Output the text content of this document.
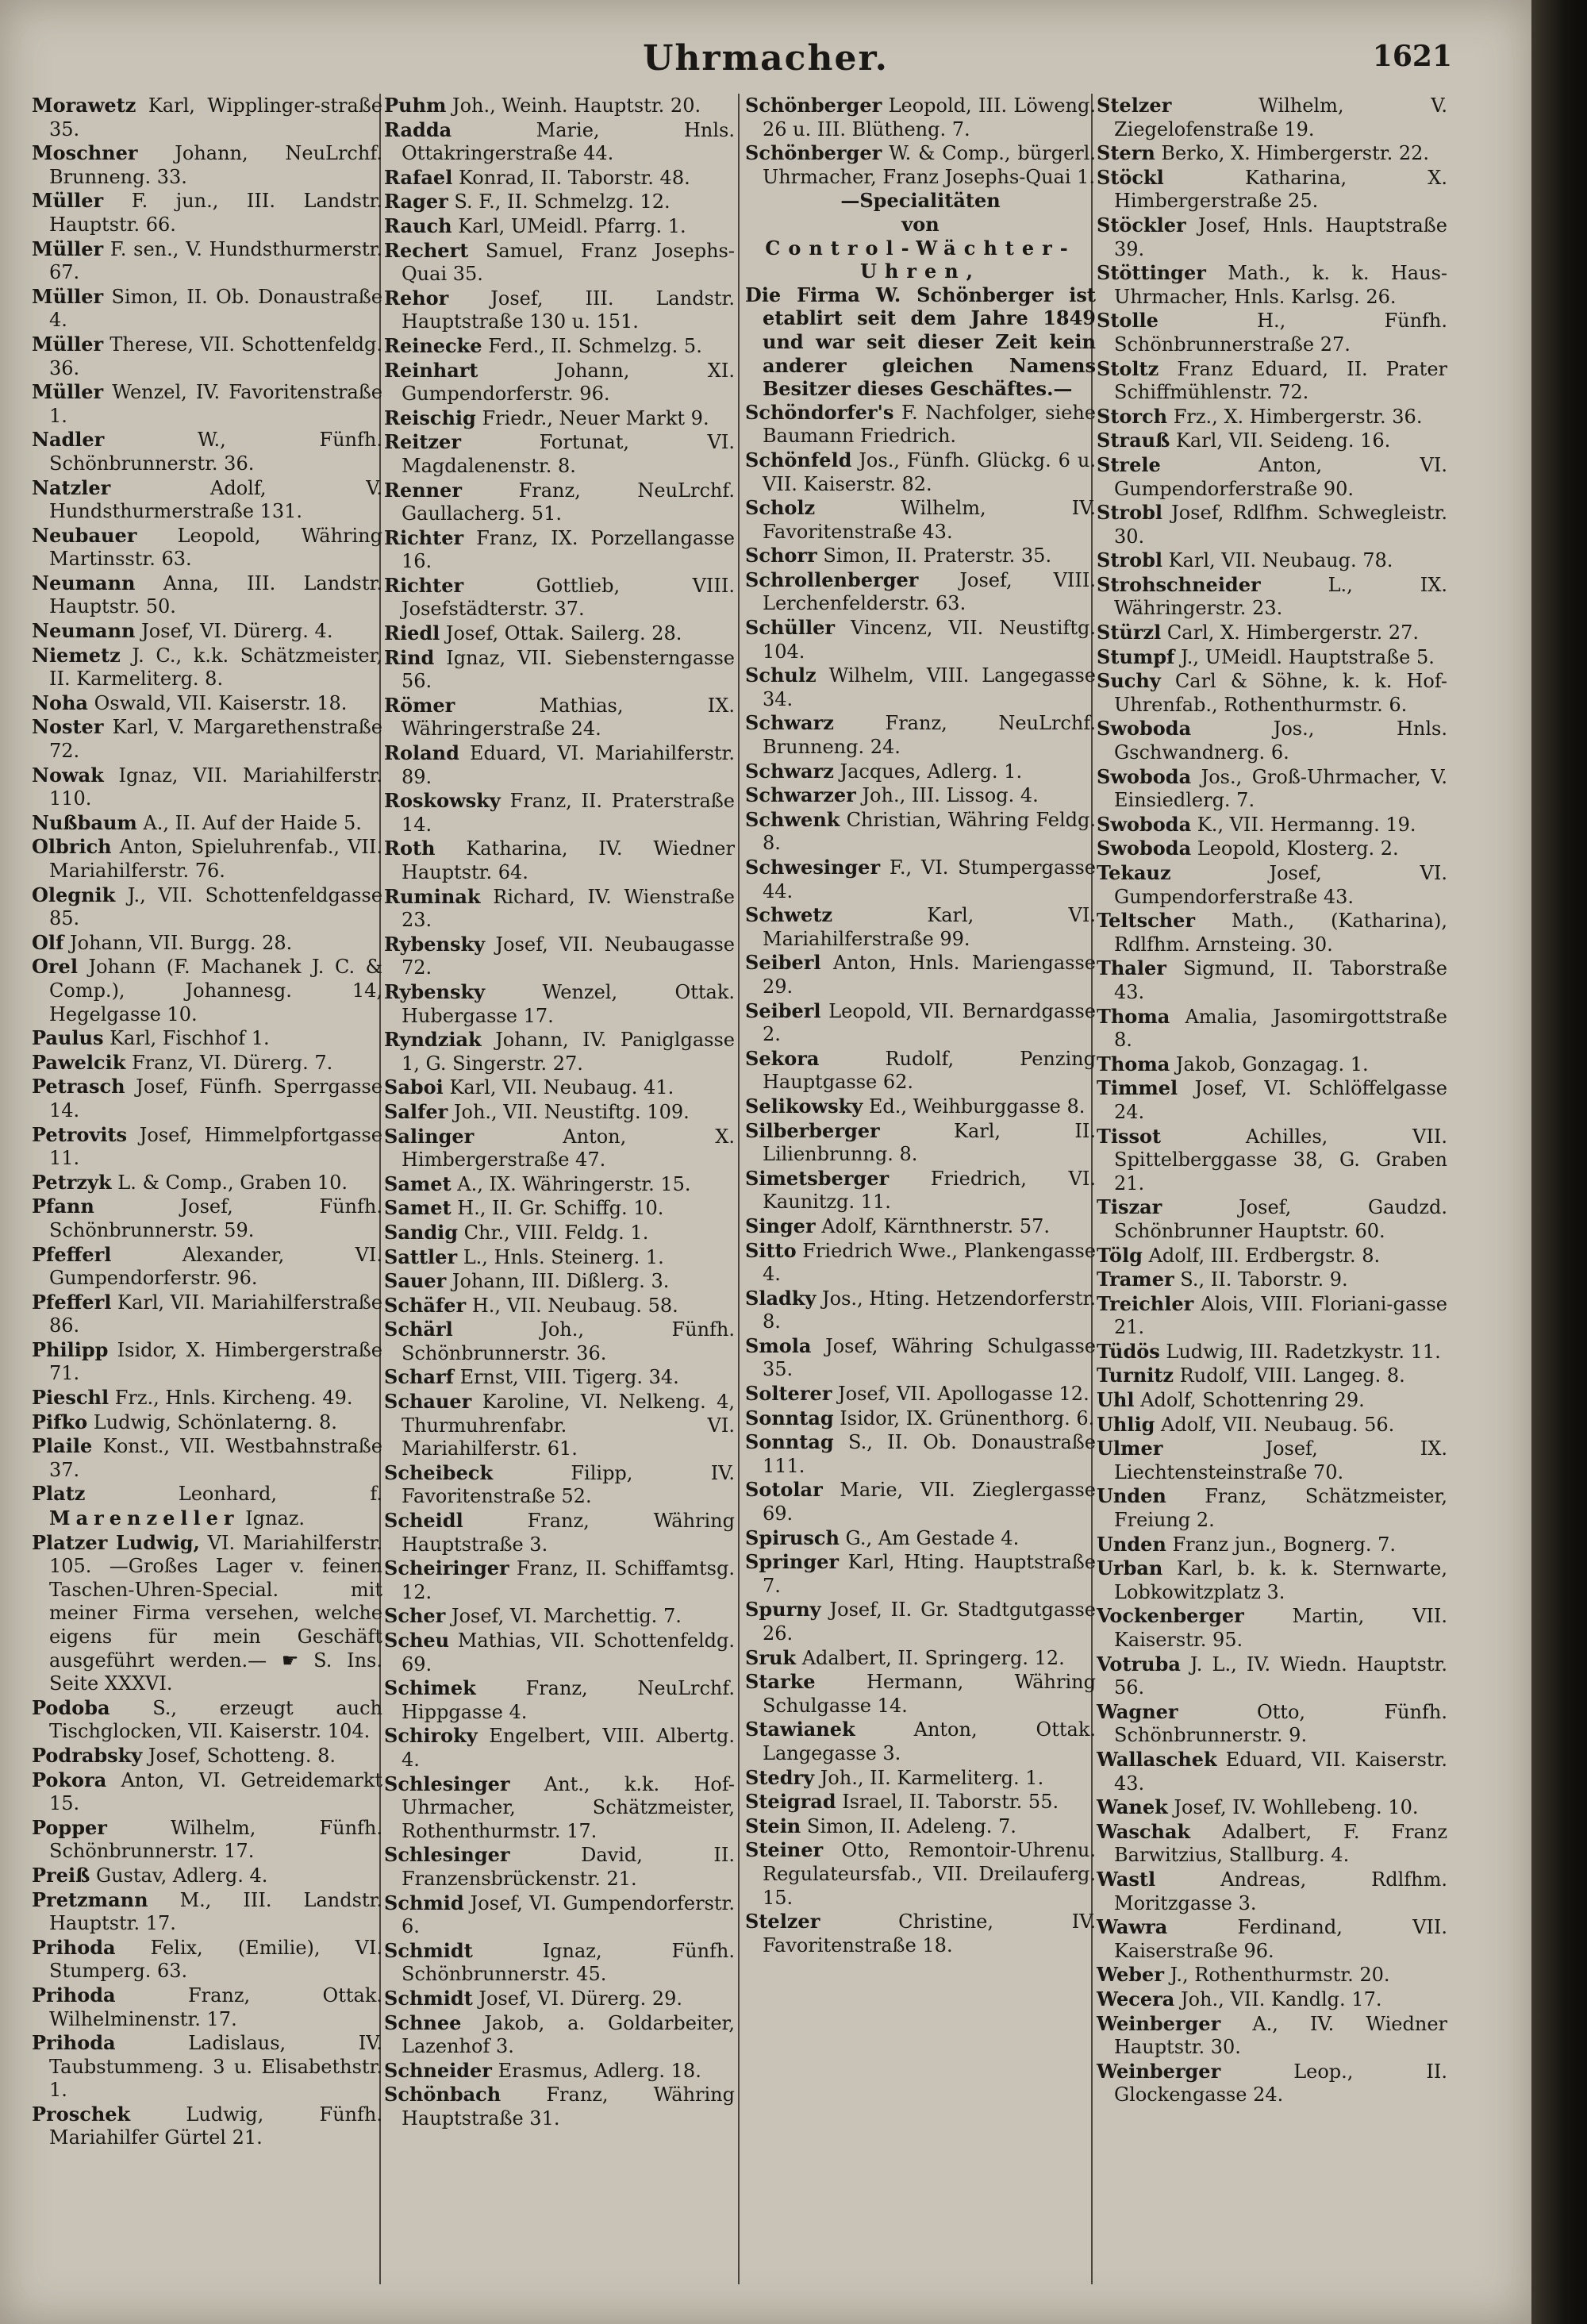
Uhrmacher.	1621
Morawetz Karl, Wipplinger-straße 35.
Moschner Johann, NeuLrchf. Brunneng. 33.
Müller F. jun., III. Landstr. Hauptstr. 66.
Müller F. sen., V. Hundsthurmerstr. 67.
Müller Simon, II. Ob. Donaustraße 4.
Müller Therese, VII. Schottenfeldg. 36.
Müller Wenzel, IV. Favoritenstraße 1.
Nadler	W., Fünfh. Schönbrunnerstr. 36.
Natzler	Adolf, V. Hundsthurmerstraße 131.
Neubauer Leopold, Währing Martinsstr. 63.
Neumann Anna, III. Landstr. Hauptstr. 50.
Neumann Josef, VI. Dürerg. 4.
Niemetz J. C., k.k. Schätzmeister, II. Karmeliterg. 8.
Noha Oswald, VII. Kaiserstr. 18.
Noster Karl, V. Margarethenstraße 72.
Nowak Ignaz, VII. Mariahilferstr. 110.
Nußbaum A., II. Auf der Haide 5.
Olbrich Anton, Spieluhrenfab., VII. Mariahilferstr. 76.
Olegnik J., VII. Schottenfeldgasse 85.
Olf Johann, VII. Burgg. 28.
Orel Johann (F. Machanek J. C. & Comp.), Johannesg. 14, Hegelgasse 10.
Paulus Karl, Fischhof 1.
Pawelcik Franz, VI. Dürerg. 7.
Petrasch Josef, Fünfh. Sperrgasse 14.
Petrovits Josef, Himmelpfortgasse 11.
Petrzyk L. & Comp., Graben 10.
Pfann	Josef, Fünfh. Schönbrunnerstr. 59.
Pfefferl	Alexander, VI. Gumpendorferstr. 96.
Pfefferl Karl, VII. Mariahilferstraße 86.
Philipp Isidor, X. Himbergerstraße 71.
Pieschl Frz., Hnls. Kircheng. 49.
Pifko Ludwig, Schönlaterng. 8.
Plaile Konst., VII. Westbahnstraße 37.
Platz	Leonhard, f. Marenzeller Ignaz.
Platzer Ludwig, VI. Mariahilferstr. 105. —Großes Lager v. feinen Taschen-Uhren-Special. mit meiner Firma versehen, welche eigens für mein Geschäft ausgeführt werden.— ☛ S. Ins. Seite XXXVI.
Podoba S., erzeugt auch Tischglocken, VII. Kaiserstr. 104.
Podrabsky Josef, Schotteng. 8.
Pokora Anton, VI. Getreidemarkt 15.
Popper	Wilhelm, Fünfh. Schönbrunnerstr. 17.
Preiß Gustav, Adlerg. 4.
Pretzmann M., III. Landstr. Hauptstr. 17.
Prihoda Felix, (Emilie), VI. Stumperg. 63.
Prihoda	Franz, Ottak. Wilhelminenstr. 17.
Prihoda	Ladislaus, IV. Taubstummeng. 3 u. Elisabethstr. 1.
Proschek	Ludwig, Fünfh. Mariahilfer Gürtel 21.
Puhm Joh., Weinh. Hauptstr. 20.
Radda	Marie, Hnls. Ottakringerstraße 44.
Rafael Konrad, II. Taborstr. 48.
Rager S. F., II. Schmelzg. 12.
Rauch Karl, UMeidl. Pfarrg. 1.
Rechert Samuel, Franz Josephs-Quai 35.
Rehor Josef, III. Landstr. Hauptstraße 130 u. 151.
Reinecke Ferd., II. Schmelzg. 5.
Reinhart	Johann, XI. Gumpendorferstr. 96.
Reischig Friedr., Neuer Markt 9.
Reitzer	Fortunat, VI. Magdalenenstr. 8.
Renner	Franz, NeuLrchf. Gaullacherg. 51.
Richter Franz, IX. Porzellangasse 16.
Richter	Gottlieb, VIII. Josefstädterstr. 37.
Riedl Josef, Ottak. Sailerg. 28.
Rind Ignaz, VII. Siebensterngasse 56.
Römer	Mathias, IX. Währingerstraße 24.
Roland Eduard, VI. Mariahilferstr. 89.
Roskowsky Franz, II. Praterstraße 14.
Roth Katharina, IV. Wiedner Hauptstr. 64.
Ruminak Richard, IV. Wienstraße 23.
Rybensky Josef, VII. Neubaugasse 72.
Rybensky	Wenzel, Ottak. Hubergasse 17.
Ryndziak Johann, IV. Paniglgasse 1, G. Singerstr. 27.
Saboi Karl, VII. Neubaug. 41.
Salfer Joh., VII. Neustiftg. 109.
Salinger	Anton, X. Himbergerstraße 47.
Samet A., IX. Währingerstr. 15.
Samet H., II. Gr. Schiffg. 10.
Sandig Chr., VIII. Feldg. 1.
Sattler L., Hnls. Steinerg. 1.
Sauer Johann, III. Dißlerg. 3.
Schäfer H., VII. Neubaug. 58.
Schärl	Joh., Fünfh. Schönbrunnerstr. 36.
Scharf Ernst, VIII. Tigerg. 34.
Schauer Karoline, VI. Nelkeng. 4, Thurmuhrenfabr. VI. Mariahilferstr. 61.
Scheibeck	Filipp, IV. Favoritenstraße 52.
Scheidl	Franz, Währing Hauptstraße 3.
Scheiringer Franz, II. Schiffamtsg. 12.
Scher Josef, VI. Marchettig. 7.
Scheu Mathias, VII. Schottenfeldg. 69.
Schimek	Franz, NeuLrchf. Hippgasse 4.
Schiroky Engelbert, VIII. Albertg. 4.
Schlesinger Ant., k.k. Hof-Uhrmacher, Schätzmeister, Rothenthurmstr. 17.
Schlesinger	David, II. Franzensbrückenstr. 21.
Schmid Josef, VI. Gumpendorferstr. 6.
Schmidt	Ignaz, Fünfh. Schönbrunnerstr. 45.
Schmidt Josef, VI. Dürerg. 29.
Schnee Jakob, a. Goldarbeiter, Lazenhof 3.
Schneider Erasmus, Adlerg. 18.
Schönbach Franz, Währing Hauptstraße 31.
Schönberger Leopold, III. Löweng. 26 u. III. Blütheng. 7.
Schönberger W. & Comp., bürgerl. Uhrmacher, Franz Josephs-Quai 1.
—Specialitäten
von
Control-Wächter-
Uhren,
Die Firma W. Schönberger ist etablirt seit dem Jahre 1849 und war seit dieser Zeit kein anderer gleichen Namens Besitzer dieses Geschäftes.—
Schöndorfer's F. Nachfolger, siehe Baumann Friedrich.
Schönfeld Jos., Fünfh. Glückg. 6 u. VII. Kaiserstr. 82.
Scholz	Wilhelm, IV. Favoritenstraße 43.
Schorr Simon, II. Praterstr. 35.
Schrollenberger Josef, VIII. Lerchenfelderstr. 63.
Schüller Vincenz, VII. Neustiftg. 104.
Schulz Wilhelm, VIII. Langegasse 34.
Schwarz	Franz, NeuLrchf. Brunneng. 24.
Schwarz Jacques, Adlerg. 1.
Schwarzer Joh., III. Lissog. 4.
Schwenk Christian, Währing Feldg. 8.
Schwesinger F., VI. Stumpergasse 44.
Schwetz	Karl, VI. Mariahilferstraße 99.
Seiberl Anton, Hnls. Mariengasse 29.
Seiberl Leopold, VII. Bernardgasse 2.
Sekora	Rudolf, Penzing Hauptgasse 62.
Selikowsky Ed., Weihburggasse 8.
Silberberger	Karl, II. Lilienbrunng. 8.
Simetsberger Friedrich, VI. Kaunitzg. 11.
Singer Adolf, Kärnthnerstr. 57.
Sitto Friedrich Wwe., Plankengasse 4.
Sladky Jos., Hting. Hetzendorferstr. 8.
Smola Josef, Währing Schulgasse 35.
Solterer Josef, VII. Apollogasse 12.
Sonntag Isidor, IX. Grünenthorg. 6.
Sonntag S., II. Ob. Donaustraße 111.
Sotolar Marie, VII. Zieglergasse 69.
Spirusch G., Am Gestade 4.
Springer Karl, Hting. Hauptstraße 7.
Spurny Josef, II. Gr. Stadtgutgasse 26.
Sruk Adalbert, II. Springerg. 12.
Starke	Hermann, Währing Schulgasse 14.
Stawianek	Anton, Ottak. Langegasse 3.
Stedry Joh., II. Karmeliterg. 1.
Steigrad Israel, II. Taborstr. 55.
Stein Simon, II. Adeleng. 7.
Steiner Otto, Remontoir-Uhrenu. Regulateursfab., VII. Dreilauferg. 15.
Stelzer	Christine, IV. Favoritenstraße 18.
Stelzer	Wilhelm, V. Ziegelofenstraße 19.
Stern Berko, X. Himbergerstr. 22.
Stöckl	Katharina, X. Himbergerstraße 25.
Stöckler Josef, Hnls. Hauptstraße 39.
Stöttinger Math., k. k. Haus-Uhrmacher, Hnls. Karlsg. 26.
Stolle	H., Fünfh. Schönbrunnerstraße 27.
Stoltz Franz Eduard, II. Prater Schiffmühlenstr. 72.
Storch Frz., X. Himbergerstr. 36.
Strauß Karl, VII. Seideng. 16.
Strele	Anton, VI. Gumpendorferstraße 90.
Strobl Josef, Rdlfhm. Schwegleistr. 30.
Strobl Karl, VII. Neubaug. 78.
Strohschneider	L., IX. Währingerstr. 23.
Stürzl Carl, X. Himbergerstr. 27.
Stumpf J., UMeidl. Hauptstraße 5.
Suchy Carl & Söhne, k. k. Hof-Uhrenfab., Rothenthurmstr. 6.
Swoboda	Jos., Hnls. Gschwandnerg. 6.
Swoboda Jos., Groß-Uhrmacher, V. Einsiedlerg. 7.
Swoboda K., VII. Hermanng. 19.
Swoboda Leopold, Klosterg. 2.
Tekauz	Josef, VI. Gumpendorferstraße 43.
Teltscher Math., (Katharina), Rdlfhm. Arnsteing. 30.
Thaler Sigmund, II. Taborstraße 43.
Thoma Amalia, Jasomirgottstraße 8.
Thoma Jakob, Gonzagag. 1.
Timmel Josef, VI. Schlöffelgasse 24.
Tissot	Achilles, VII. Spittelberggasse 38, G. Graben 21.
Tiszar	Josef, Gaudzd. Schönbrunner Hauptstr. 60.
Tölg Adolf, III. Erdbergstr. 8.
Tramer S., II. Taborstr. 9.
Treichler Alois, VIII. Floriani-gasse 21.
Tüdös Ludwig, III. Radetzkystr. 11.
Turnitz Rudolf, VIII. Langeg. 8.
Uhl Adolf, Schottenring 29.
Uhlig Adolf, VII. Neubaug. 56.
Ulmer	Josef, IX. Liechtensteinstraße 70.
Unden Franz, Schätzmeister, Freiung 2.
Unden Franz jun., Bognerg. 7.
Urban Karl, b. k. k. Sternwarte, Lobkowitzplatz 3.
Vockenberger	Martin, VII. Kaiserstr. 95.
Votruba J. L., IV. Wiedn. Hauptstr. 56.
Wagner	Otto, Fünfh. Schönbrunnerstr. 9.
Wallaschek Eduard, VII. Kaiserstr. 43.
Wanek Josef, IV. Wohllebeng. 10.
Waschak Adalbert, F. Franz Barwitzius, Stallburg. 4.
Wastl	Andreas, Rdlfhm. Moritzgasse 3.
Wawra	Ferdinand, VII. Kaiserstraße 96.
Weber J., Rothenthurmstr. 20.
Wecera Joh., VII. Kandlg. 17.
Weinberger A., IV. Wiedner Hauptstr. 30.
Weinberger	Leop., II. Glockengasse 24.
